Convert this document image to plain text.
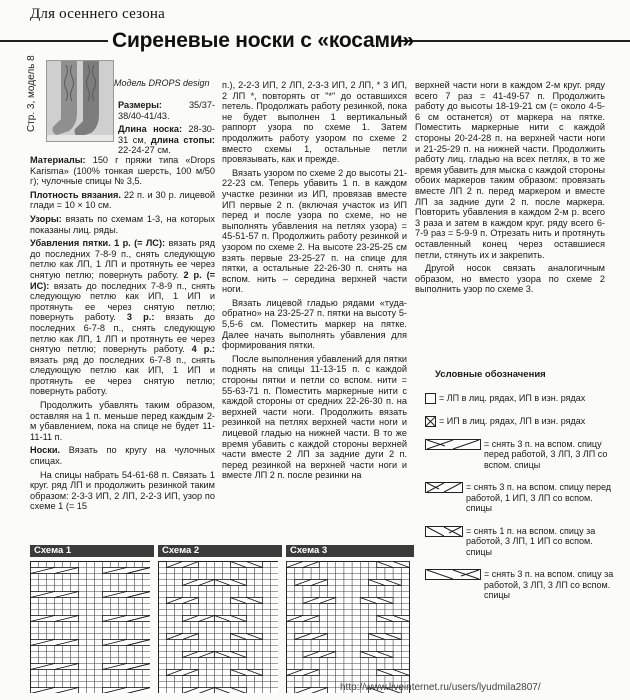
Для осеннего сезона
Сиреневые носки с «косами»
Стр. 3, модель 8	Модель DROPS design

Размеры:	35/37-38/40-41/43.

Длина носка: 28-30-31 см, длина стопы: 22-24-27 см.

Материалы: 150 г пряжи типа «Drops Karisma» (100% тонкая шерсть, 100 м/50 г); чулочные спицы № 3,5.

Плотность вязания. 22 п. и 30 р. лицевой глади = 10 × 10 см.

Узоры: вязать по схемам 1-3, на которых показаны лиц. ряды.

Убавления пятки. 1 р. (= ЛС): вязать ряд до последних 7-8-9 п., снять следующую петлю как ЛП, 1 ЛП и протянуть ее через снятую петлю; повернуть работу. 2 р. (= ИС): вязать до последних 7-8-9 п., снять следующую петлю как ИП, 1 ИП и протянуть ее через снятую петлю; повернуть работу. 3 р.: вязать до последних 6-7-8 п., снять следующую петлю как ЛП, 1 ЛП и протянуть ее через снятую петлю; повернуть работу. 4 р.: вязать ряд до последних 6-7-8 п., снять следующую петлю как ИП, 1 ИП и протянуть ее через снятую петлю; повернуть работу.

Продолжить убавлять таким образом, оставляя на 1 п. меньше перед каждым 2-м убавлением, пока на спице не будет 11-11-11 п.

Носки. Вязать по кругу на чулочных спицах.

На спицы набрать 54-61-68 п. Связать 1 круг. ряд ЛП и продолжить резинкой таким образом: 2-3-3 ИП, 2 ЛП, 2-2-3 ИП, узор по схеме 1 (= 15

п.), 2-2-3 ИП, 2 ЛП, 2-3-3 ИП, 2 ЛП, * 3 ИП, 2 ЛП *, повторять от "*" до оставшихся петель. Продолжать работу резинкой, пока не будет выполнен 1 вертикальный раппорт узора по схеме 1. Затем продолжить работу узором по схеме 2 вместо схемы 1, остальные петли провязывать, как и прежде.

Вязать узором по схеме 2 до высоты 21-22-23 см. Теперь убавить 1 п. в каждом участке резинки из ИП, провязав вместе ИП первые 2 п. (включая участок из ИП перед и после узора по схеме, но не выполнять убавления на петлях узора) = 45-51-57 п. Продолжить работу резинкой и узором по схеме 2. На высоте 23-25-25 см взять первые 23-25-27 п. на спице для пятки, а остальные 22-26-30 п. снять на вспом. нить – середина верхней части ноги.

Вязать лицевой гладью рядами «туда-обратно» на 23-25-27 п. пятки на высоту 5-5,5-6 см. Поместить маркер на пятке. Далее начать выполнять убавления для формирования пятки.

После выполнения убавлений для пятки поднять на спицы 11-13-15 п. с каждой стороны пятки и петли со вспом. нити = 55-63-71 п. Поместить маркерные нити с каждой стороны от средних 22-26-30 п. на верхней части ноги. Продолжить вязать резинкой на петлях верхней части ноги и лицевой гладью на нижней части. В то же время убавить с каждой стороны верхней части вместе 2 ЛП за задние дуги 2 п. перед резинкой на верхней части ноги и вместе ЛП 2 п. после резинки на

верхней части ноги в каждом 2-м круг. ряду всего 7 раз = 41-49-57 п. Продолжить работу до высоты 18-19-21 см (= около 4-5-6 см останется) от маркера на пятке. Поместить маркерные нити с каждой стороны 20-24-28 п. на верхней части ноги и 21-25-29 п. на нижней части. Продолжить работу лиц. гладью на всех петлях, в то же время убавить для мыска с каждой стороны обоих маркеров таким образом: провязать вместе ЛП 2 п. перед маркером и вместе ЛП за задние дуги 2 п. после маркера. Повторить убавления в каждом 2-м р. всего 3 раза и затем в каждом круг. ряду всего 6-7-9 раз = 5-9-9 п. Отрезать нить и протянуть оставленный конец через оставшиеся петли, стянуть их и закрепить.

Другой носок связать аналогичным образом, но вместо узора по схеме 2 выполнить узор по схеме 3.

Условные обозначения
= ЛП в лиц. рядах, ИП в изн. рядах
= ИП в лиц. рядах, ЛП в изн. рядах
= снять 3 п. на вспом. спицу перед работой, 3 ЛП, 3 ЛП со вспом. спицы
= снять 3 п. на вспом. спицу перед работой, 1 ИП, 3 ЛП со вспом. спицы
= снять 1 п. на вспом. спицу за работой, 3 ЛП, 1 ИП со вспом. спицы
= снять 3 п. на вспом. спицу за работой, 3 ЛП, 3 ЛП со вспом. спицы
Схема 1	Схема 2	Схема 3
http://www.liveinternet.ru/users/lyudmila2807/
